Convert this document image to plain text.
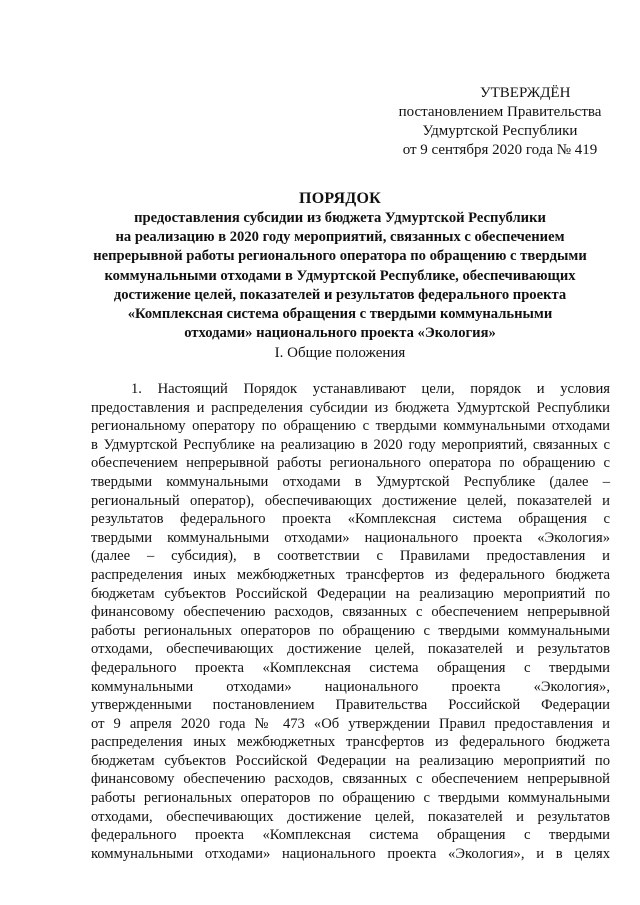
УТВЕРЖДЁН
постановлением Правительства
Удмуртской Республики
от 9 сентября 2020 года № 419
ПОРЯДОК
предоставления субсидии из бюджета Удмуртской Республики
на реализацию в 2020 году мероприятий, связанных с обеспечением
непрерывной работы регионального оператора по обращению с твердыми
коммунальными отходами в Удмуртской Республике, обеспечивающих
достижение целей, показателей и результатов федерального проекта
«Комплексная система обращения с твердыми коммунальными
отходами» национального проекта «Экология»
I. Общие положения
1. Настоящий Порядок устанавливают цели, порядок и условия
предоставления и распределения субсидии из бюджета Удмуртской Республики
региональному оператору по обращению с твердыми коммунальными отходами
в Удмуртской Республике на реализацию в 2020 году мероприятий, связанных с
обеспечением непрерывной работы регионального оператора по обращению с
твердыми коммунальными отходами в Удмуртской Республике (далее –
региональный оператор), обеспечивающих достижение целей, показателей и
результатов федерального проекта «Комплексная система обращения с
твердыми коммунальными отходами» национального проекта «Экология»
(далее – субсидия), в соответствии с Правилами предоставления и
распределения иных межбюджетных трансфертов из федерального бюджета
бюджетам субъектов Российской Федерации на реализацию мероприятий по
финансовому обеспечению расходов, связанных с обеспечением непрерывной
работы региональных операторов по обращению с твердыми коммунальными
отходами, обеспечивающих достижение целей, показателей и результатов
федерального проекта «Комплексная система обращения с твердыми
коммунальными отходами» национального проекта «Экология»,
утвержденными постановлением Правительства Российской Федерации
от 9 апреля 2020 года № 473 «Об утверждении Правил предоставления и
распределения иных межбюджетных трансфертов из федерального бюджета
бюджетам субъектов Российской Федерации на реализацию мероприятий по
финансовому обеспечению расходов, связанных с обеспечением непрерывной
работы региональных операторов по обращению с твердыми коммунальными
отходами, обеспечивающих достижение целей, показателей и результатов
федерального проекта «Комплексная система обращения с твердыми
коммунальными отходами» национального проекта «Экология», и в целях
